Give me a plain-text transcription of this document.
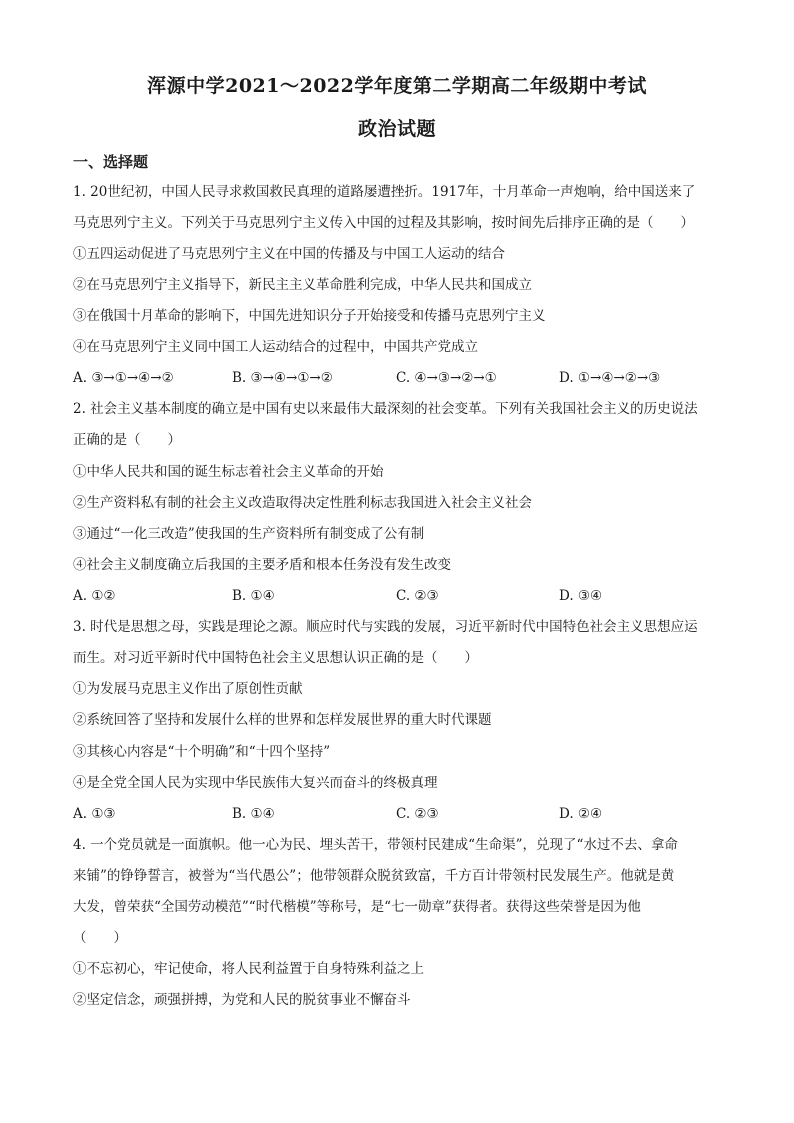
浑源中学2021～2022学年度第二学期高二年级期中考试
政治试题
一、选择题
1. 20世纪初，中国人民寻求救国救民真理的道路屡遭挫折。1917年，十月革命一声炮响，给中国送来了
马克思列宁主义。下列关于马克思列宁主义传入中国的过程及其影响，按时间先后排序正确的是（　　）
①五四运动促进了马克思列宁主义在中国的传播及与中国工人运动的结合
②在马克思列宁主义指导下，新民主主义革命胜利完成，中华人民共和国成立
③在俄国十月革命的影响下，中国先进知识分子开始接受和传播马克思列宁主义
④在马克思列宁主义同中国工人运动结合的过程中，中国共产党成立
A. ③→①→④→②	B. ③→④→①→②	C. ④→③→②→①	D. ①→④→②→③
2. 社会主义基本制度的确立是中国有史以来最伟大最深刻的社会变革。下列有关我国社会主义的历史说法
正确的是（　　）
①中华人民共和国的诞生标志着社会主义革命的开始
②生产资料私有制的社会主义改造取得决定性胜利标志我国进入社会主义社会
③通过“一化三改造”使我国的生产资料所有制变成了公有制
④社会主义制度确立后我国的主要矛盾和根本任务没有发生改变
A. ①②	B. ①④	C. ②③	D. ③④
3. 时代是思想之母，实践是理论之源。顺应时代与实践的发展，习近平新时代中国特色社会主义思想应运
而生。对习近平新时代中国特色社会主义思想认识正确的是（　　）
①为发展马克思主义作出了原创性贡献
②系统回答了坚持和发展什么样的世界和怎样发展世界的重大时代课题
③其核心内容是“十个明确”和“十四个坚持”
④是全党全国人民为实现中华民族伟大复兴而奋斗的终极真理
A. ①③	B. ①④	C. ②③	D. ②④
4. 一个党员就是一面旗帜。他一心为民、埋头苦干，带领村民建成“生命渠”，兑现了“水过不去、拿命
来铺”的铮铮誓言，被誉为“当代愚公”；他带领群众脱贫致富，千方百计带领村民发展生产。他就是黄
大发，曾荣获“全国劳动模范”“时代楷模”等称号，是“七一勋章”获得者。获得这些荣誉是因为他
（　　）
①不忘初心，牢记使命，将人民利益置于自身特殊利益之上
②坚定信念，顽强拼搏，为党和人民的脱贫事业不懈奋斗
